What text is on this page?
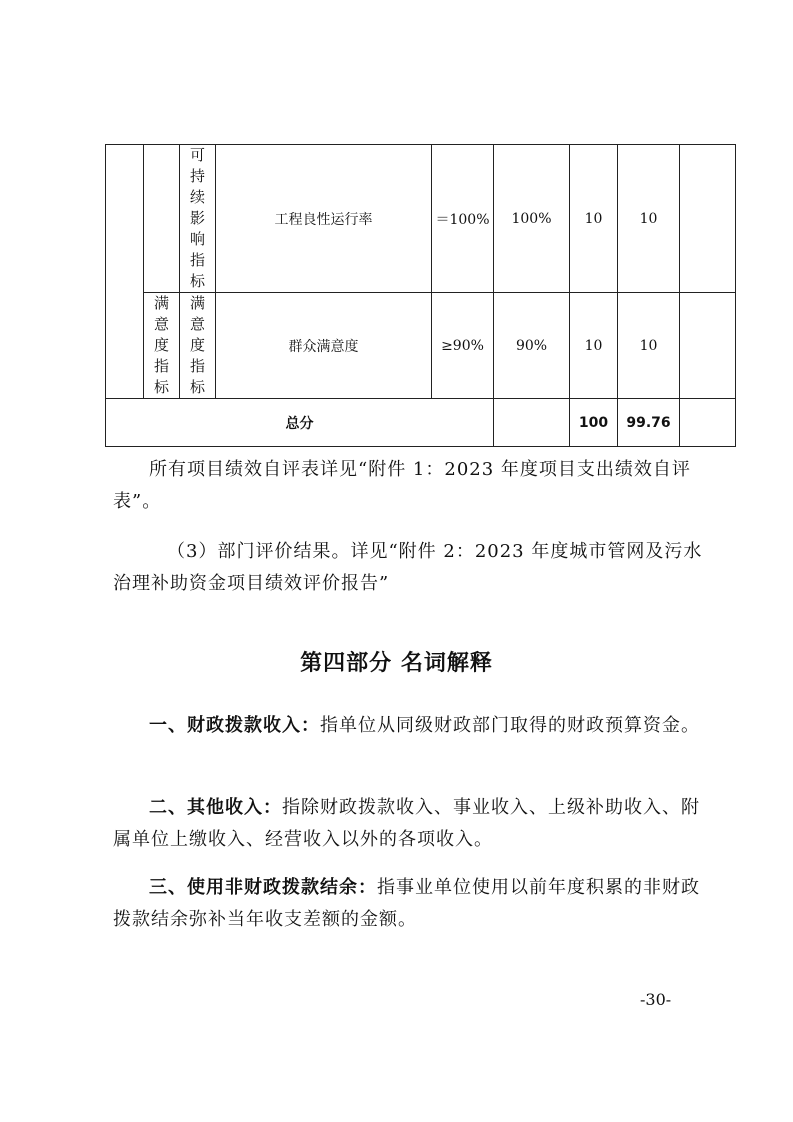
		可持续影响指标	工程良性运行率	＝100%	100%	10	10	
	满意度指标	满意度指标	群众满意度	≥90%	90%	10	10	
总分						100	99.76	

所有项目绩效自评表详见“附件 1：2023 年度项目支出绩效自评表”。

（3）部门评价结果。详见“附件 2：2023 年度城市管网及污水治理补助资金项目绩效评价报告”

第四部分 名词解释

一、财政拨款收入：指单位从同级财政部门取得的财政预算资金。

二、其他收入：指除财政拨款收入、事业收入、上级补助收入、附属单位上缴收入、经营收入以外的各项收入。

三、使用非财政拨款结余：指事业单位使用以前年度积累的非财政拨款结余弥补当年收支差额的金额。

-30-
